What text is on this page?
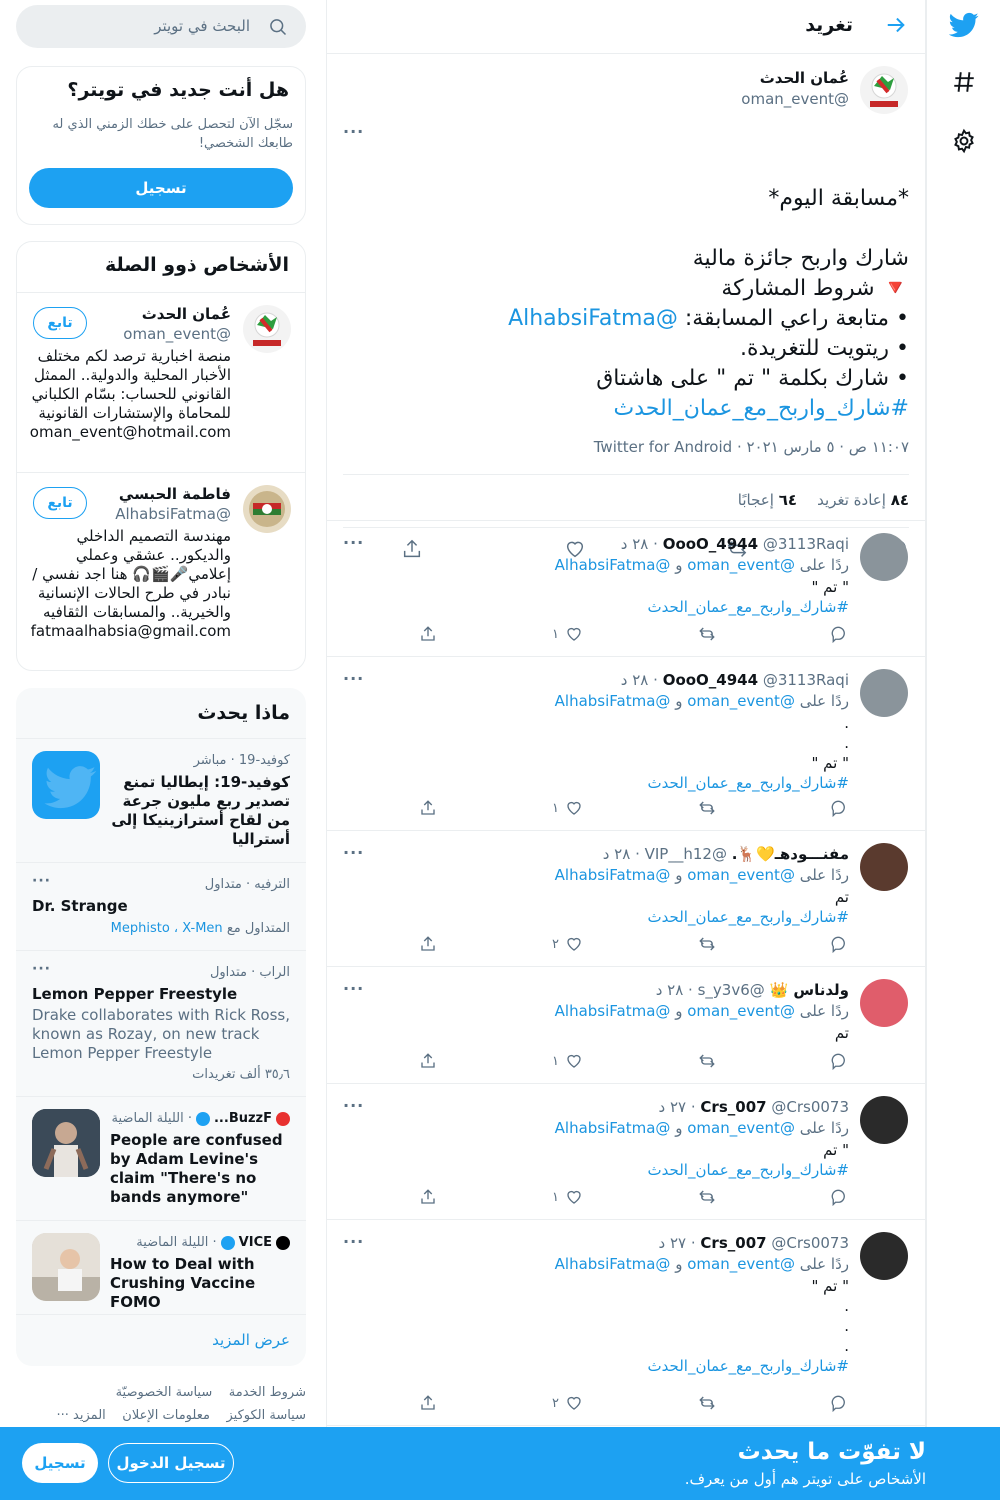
تغريد
عُمان الحدث
@oman_event
···
*مسابقة اليوم*
شارك واربح جائزة مالية
🔻 شروط المشاركة
• متابعة راعي المسابقة: @AlhabsiFatma
• ريتويت للتغريدة.
• شارك بكلمة " تم " على هاشتاق
#شارك_واربح_مع_عمان_الحدث
١١:٠٧ ص · ٥ مارس ٢٠٢١ · Twitter for Android
٨٤ إعادة تغريد
٦٤ إعجابًا
OooO_4944 @3113Raqi · ٢٨ د
···
ردًا على @oman_event و @AlhabsiFatma
" تم "
#شارك_واربح_مع_عمان_الحدث
١
OooO_4944 @3113Raqi · ٢٨ د
···
ردًا على @oman_event و @AlhabsiFatma
.
.
" تم "
#شارك_واربح_مع_عمان_الحدث
١
مفنـــودهـ💛🦌. @VIP__h12 · ٢٨ د
···
ردًا على @oman_event و @AlhabsiFatma
تم
#شارك_واربح_مع_عمان_الحدث
٢
ولدناس 👑 @s_y3v6 · ٢٨ د
···
ردًا على @oman_event و @AlhabsiFatma
تم
١
Crs_007 @Crs0073 · ٢٧ د
···
ردًا على @oman_event و @AlhabsiFatma
" تم
#شارك_واربح_مع_عمان_الحدث
١
Crs_007 @Crs0073 · ٢٧ د
···
ردًا على @oman_event و @AlhabsiFatma
" تم "
.
.
.
#شارك_واربح_مع_عمان_الحدث
٢
البحث في تويتر
هل أنت جديد في تويتر؟
سجّل الآن لتحصل على خطك الزمني الذي له طابعك الشخصي!
تسجيل
الأشخاص ذوو الصلة
عُمان الحدث
@oman_event
منصة اخبارية ترصد لكم مختلف الأخبار المحلية والدولية.. الممثل القانوني للحساب: بسّام الكلباني للمحاماة والإستشارات القانونية oman_event@hotmail.com
تابع
فاطمة الحبسي
@AlhabsiFatma
مهندسة التصميم الداخلي والديكور.. عشقي وعملي إعلامي🎤🎬🎧 هنا اجد نفسي /نبادر في طرح الحالات الإنسانية والخيرية.. والمسابقات الثقافيه fatmaalhabsia@gmail.com
تابع
ماذا يحدث
كوفيد-19 · مباشر
كوفيد-19: إيطاليا تمنع تصدير ربع مليون جرعة من لقاح أسترازينيكا إلى أستراليا
الترفيه · متداول
···
Dr. Strange
المتداول مع Mephisto ، X-Men
الراب · متداول
···
Lemon Pepper Freestyle
Drake collaborates with Rick Ross, known as Rozay, on new track Lemon Pepper Freestyle
٣٥٫٦ ألف تغريدات
BuzzF...
· الليلة الماضية
People are confused by Adam Levine's claim "There's no bands anymore"
VICE
· الليلة الماضية
How to Deal with Crushing Vaccine FOMO
عرض المزيد
شروط الخدمة    سياسة الخصوصيّة
سياسة الكوكيز    معلومات الإعلان    المزيد ···
لا تفوّت ما يحدث
الأشخاص على تويتر هم أول من يعرف.
تسجيل الدخول
تسجيل
